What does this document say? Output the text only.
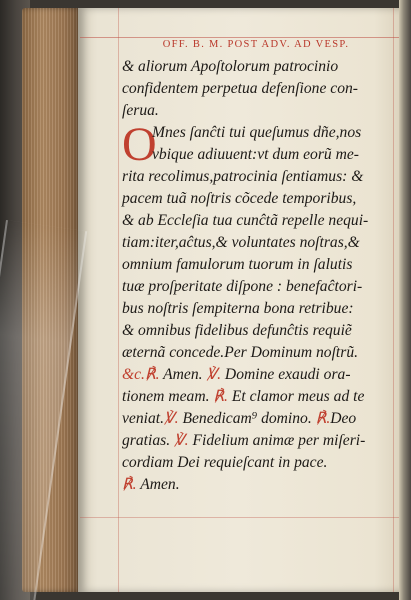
OFF. B. M. POST ADV. AD VESP.
& aliorum Apoſtolorum patrocinio
confidentem perpetua defenſione con-
ſerua.
O
Mnes ſanĉti tui queſumus dñe,nos
vbique adiuuent:vt dum eorũ me-
rita recolimus,patrocinia ſentiamus: &
pacem tuã noſtris cõcede temporibus,
& ab Eccleſia tua cunĉtã repelle nequi-
tiam:iter,aĉtus,& voluntates noſtras,&
omnium famulorum tuorum in ſalutis
tuæ proſperitate diſpone : benefaĉtori-
bus noſtris ſempiterna bona retribue:
& omnibus fidelibus defunĉtis requiẽ
æternã concede.Per Dominum noſtrũ.
&c.℟. Amen. ℣. Domine exaudi ora-
tionem meam. ℟. Et clamor meus ad te
veniat.℣. Benedicam⁹ domino. ℟.Deo
gratias. ℣. Fidelium animæ per miſeri-
cordiam Dei requieſcant in pace.
℟. Amen.
